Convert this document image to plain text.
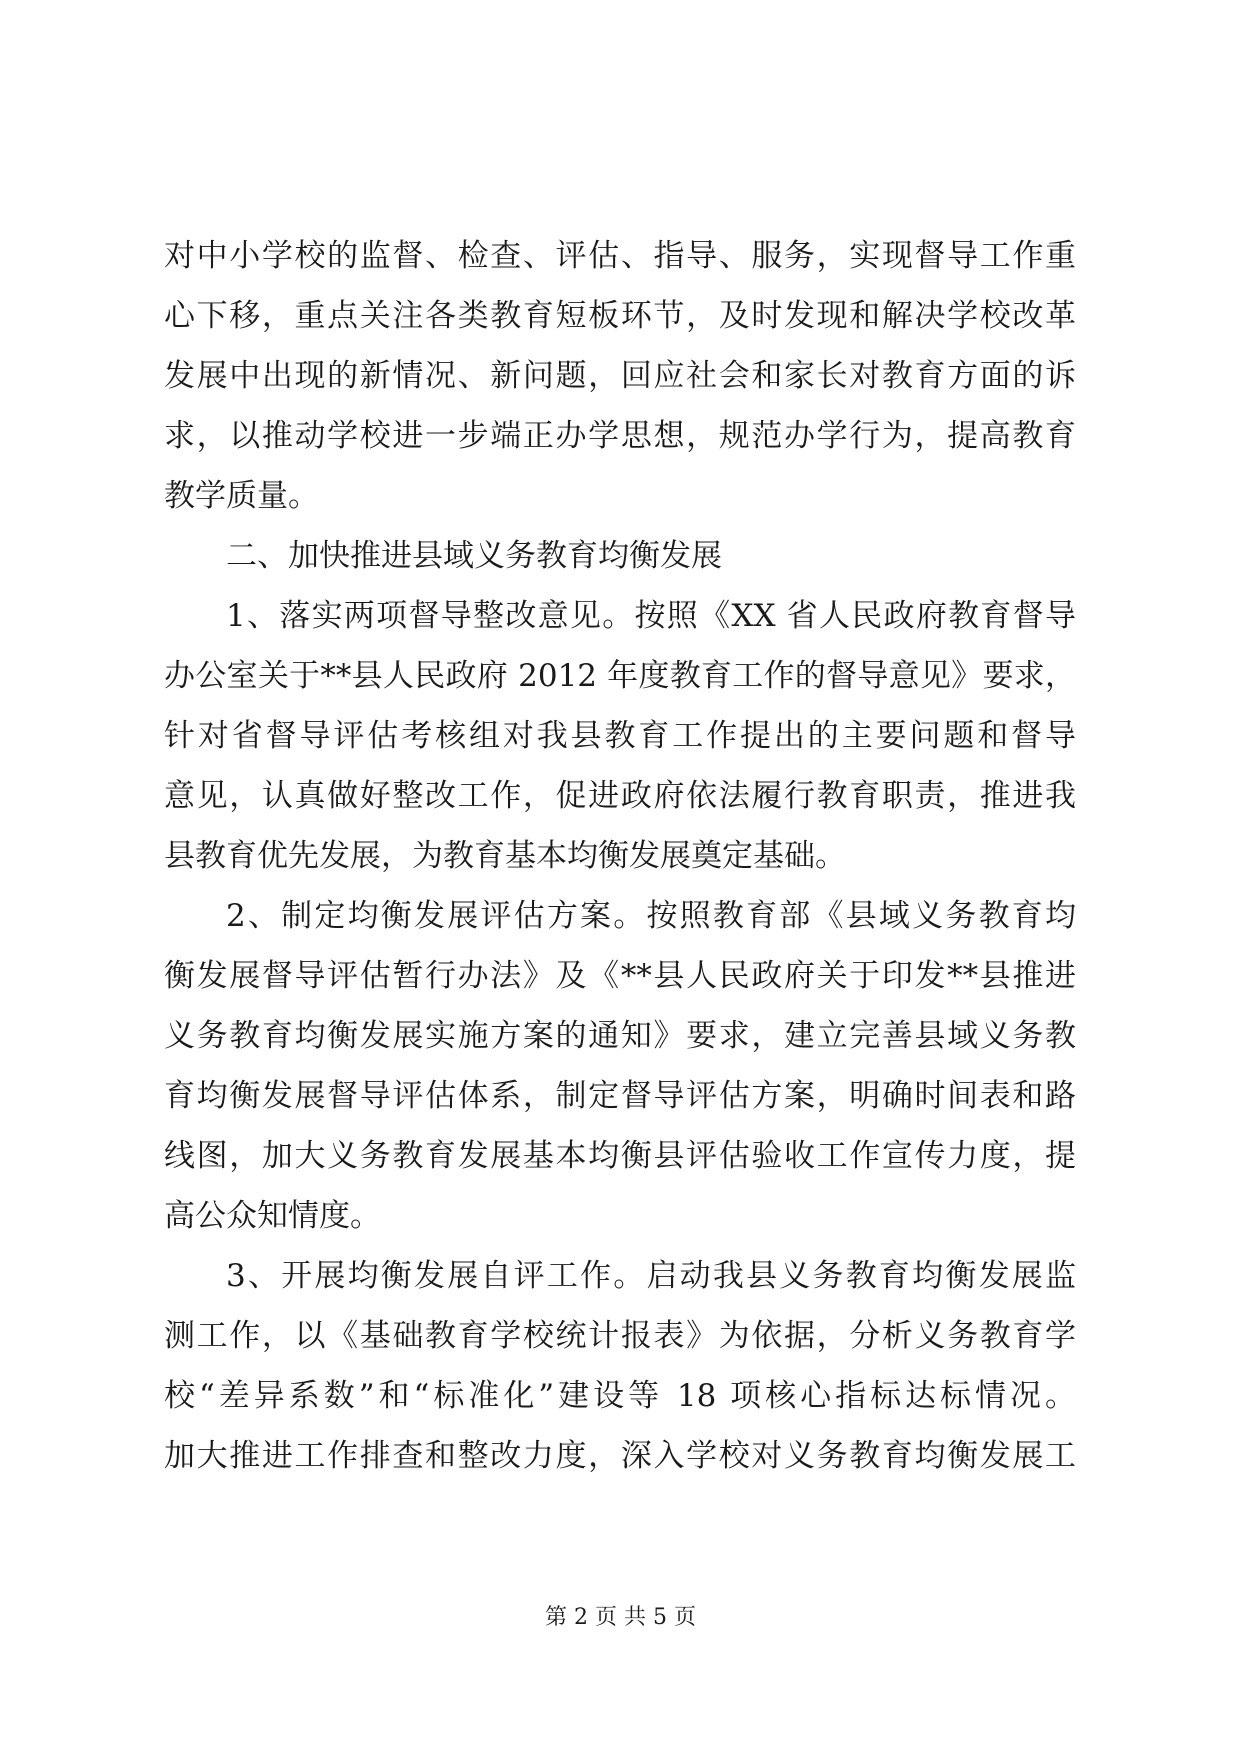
对中小学校的监督、检查、评估、指导、服务，实现督导工作重
心下移，重点关注各类教育短板环节，及时发现和解决学校改革
发展中出现的新情况、新问题，回应社会和家长对教育方面的诉
求，以推动学校进一步端正办学思想，规范办学行为，提高教育
教学质量。
二、加快推进县域义务教育均衡发展
1、落实两项督导整改意见。按照《XX 省人民政府教育督导
办公室关于**县人民政府 2012 年度教育工作的督导意见》要求，
针对省督导评估考核组对我县教育工作提出的主要问题和督导
意见，认真做好整改工作，促进政府依法履行教育职责，推进我
县教育优先发展，为教育基本均衡发展奠定基础。
2、制定均衡发展评估方案。按照教育部《县域义务教育均
衡发展督导评估暂行办法》及《**县人民政府关于印发**县推进
义务教育均衡发展实施方案的通知》要求，建立完善县域义务教
育均衡发展督导评估体系，制定督导评估方案，明确时间表和路
线图，加大义务教育发展基本均衡县评估验收工作宣传力度，提
高公众知情度。
3、开展均衡发展自评工作。启动我县义务教育均衡发展监
测工作，以《基础教育学校统计报表》为依据，分析义务教育学
校“差异系数”和“标准化”建设等 18 项核心指标达标情况。
加大推进工作排查和整改力度，深入学校对义务教育均衡发展工
第 2 页 共 5 页
